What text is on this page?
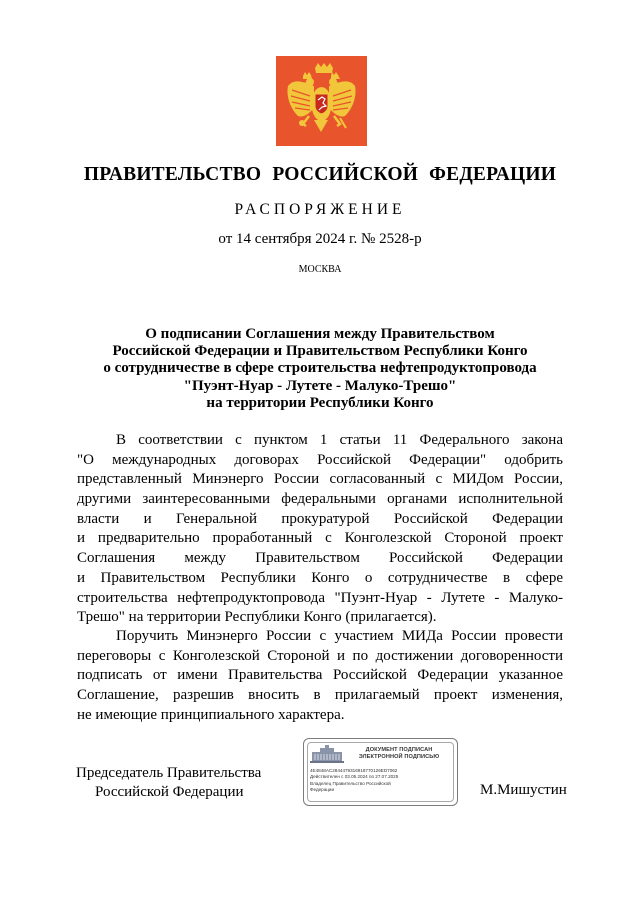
ПРАВИТЕЛЬСТВО РОССИЙСКОЙ ФЕДЕРАЦИИ
РАСПОРЯЖЕНИЕ
от 14 сентября 2024 г. № 2528-р
МОСКВА
О подписании Соглашения между Правительством
Российской Федерации и Правительством Республики Конго
о сотрудничестве в сфере строительства нефтепродуктопровода
"Пуэнт-Нуар - Лутете - Малуко-Трешо"
на территории Республики Конго
В соответствии с пунктом 1 статьи 11 Федерального закона
"О международных договорах Российской Федерации" одобрить
представленный Минэнерго России согласованный с МИДом России,
другими заинтересованными федеральными органами исполнительной
власти и Генеральной прокуратурой Российской Федерации
и предварительно проработанный с Конголезской Стороной проект
Соглашения между Правительством Российской Федерации
и Правительством Республики Конго о сотрудничестве в сфере
строительства нефтепродуктопровода "Пуэнт-Нуар - Лутете - Малуко-
Трешо" на территории Республики Конго (прилагается).
Поручить Минэнерго России с участием МИДа России провести
переговоры с Конголезской Стороной и по достижении договоренности
подписать от имени Правительства Российской Федерации указанное
Соглашение, разрешив вносить в прилагаемый проект изменения,
не имеющие принципиального характера.
Председатель Правительства
Российской Федерации
ДОКУМЕНТ ПОДПИСАН
ЭЛЕКТРОННОЙ ПОДПИСЬЮ
4E4848AC2844479316918770126ED7062
Действителен с 03.05.2024 по 27.07.2025
Владелец Правительство Российской
Федерации	М.Мишустин
